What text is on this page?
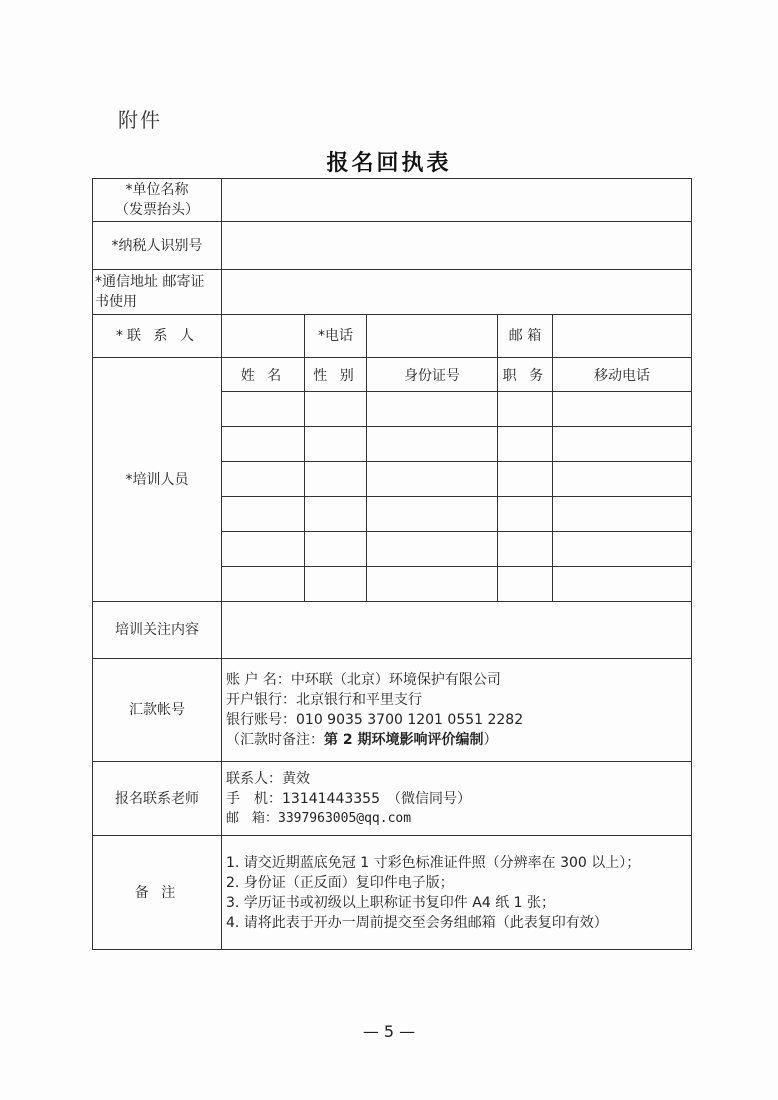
附件
报名回执表
*单位名称
（发票抬头）					

*纳税人识别号					

*通信地址 邮寄证
书使用					

*联 系 人		*电话		邮 箱	
*培训人员	姓 名	性 别	身份证号	职 务	移动电话

培训关注内容					
汇款帐号	账 户 名：中环联（北京）环境保护有限公司
开户银行：北京银行和平里支行
银行账号：010 9035 3700 1201 0551 2282
（汇款时备注：第 2 期环境影响评价编制）				

报名联系老师	联系人：黄效
手　机：13141443355　（微信同号）
邮　箱：3397963005@qq.com				

备 注	1. 请交近期蓝底免冠 1 寸彩色标准证件照（分辨率在 300 以上）；
2. 身份证（正反面）复印件电子版；
3. 学历证书或初级以上职称证书复印件 A4 纸 1 张；
4. 请将此表于开办一周前提交至会务组邮箱（此表复印有效）				
— 5 —
